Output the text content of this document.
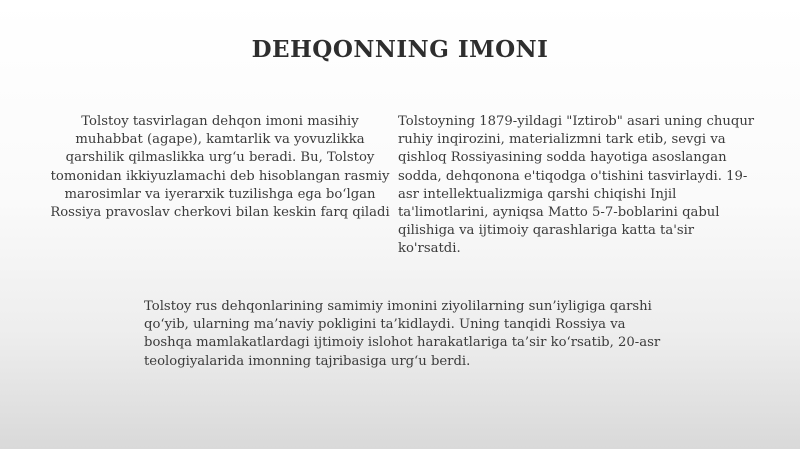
DEHQONNING IMONI
Tolstoy tasvirlagan dehqon imoni masihiy muhabbat (agape), kamtarlik va yovuzlikka qarshilik qilmaslikka urg‘u beradi. Bu, Tolstoy tomonidan ikkiyuzlamachi deb hisoblangan rasmiy marosimlar va iyerarxik tuzilishga ega bo‘lgan Rossiya pravoslav cherkovi bilan keskin farq qiladi
Tolstoyning 1879-yildagi "Iztirob" asari uning chuqur ruhiy inqirozini, materializmni tark etib, sevgi va qishloq Rossiyasining sodda hayotiga asoslangan sodda, dehqonona e'tiqodga o'tishini tasvirlaydi. 19-asr intellektualizmiga qarshi chiqishi Injil ta'limotlarini, ayniqsa Matto 5-7-boblarini qabul qilishiga va ijtimoiy qarashlariga katta ta'sir ko'rsatdi.
Tolstoy rus dehqonlarining samimiy imonini ziyolilarning sun’iyligiga qarshi qo‘yib, ularning ma’naviy pokligini ta’kidlaydi. Uning tanqidi Rossiya va boshqa mamlakatlardagi ijtimoiy islohot harakatlariga ta’sir ko‘rsatib, 20-asr teologiyalarida imonning tajribasiga urg‘u berdi.
